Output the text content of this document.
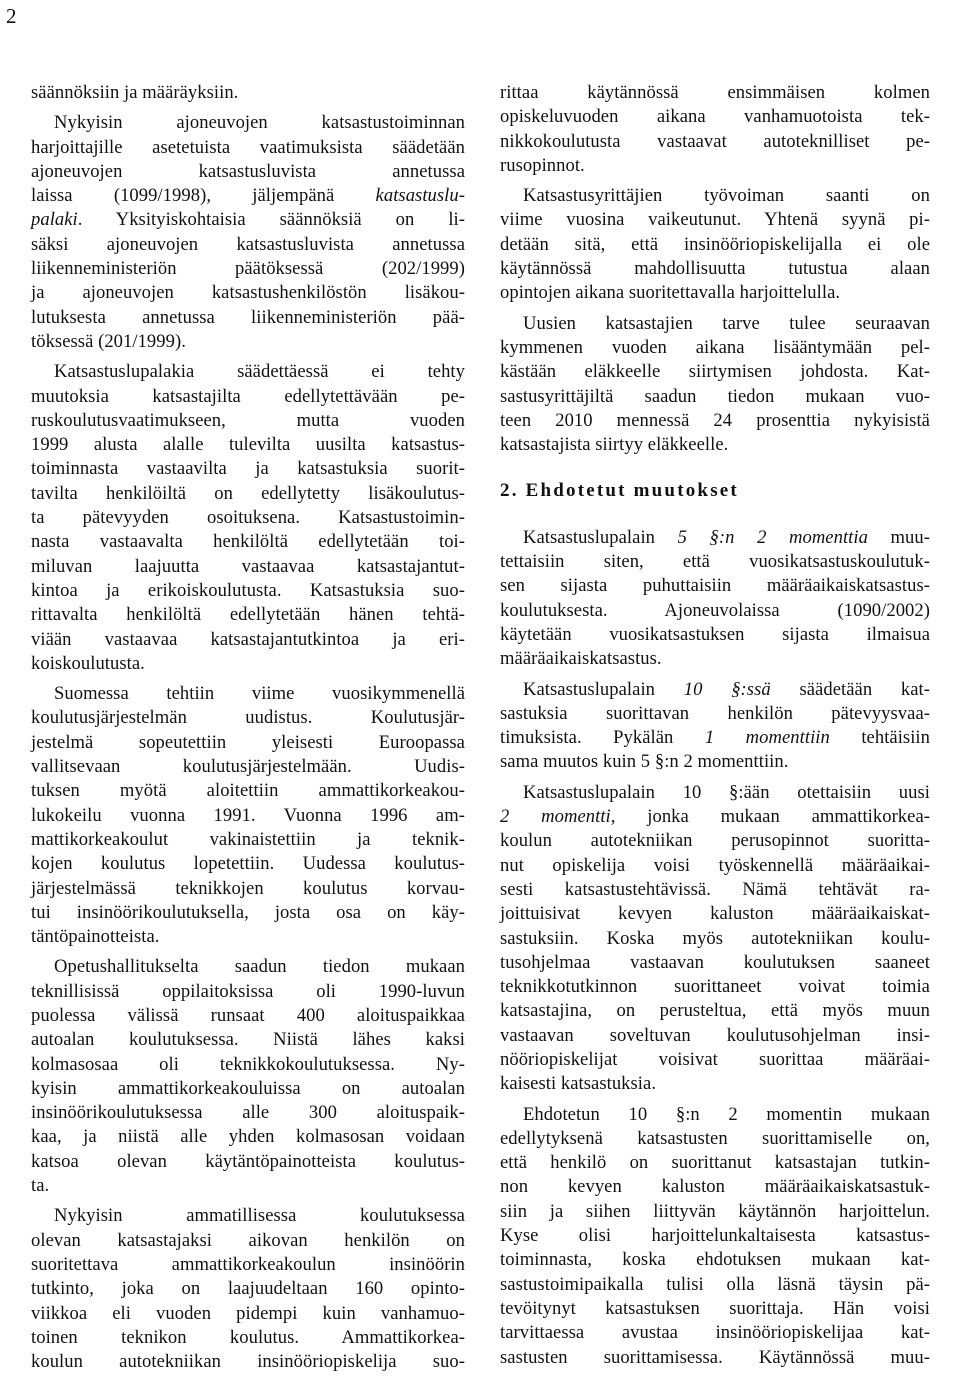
2
säännöksiin ja määräyksiin.
Nykyisin ajoneuvojen katsastustoiminnan
harjoittajille asetetuista vaatimuksista säädetään
ajoneuvojen katsastusluvista annetussa
laissa (1099/1998), jäljempänä katsastuslu-
palaki. Yksityiskohtaisia säännöksiä on li-
säksi ajoneuvojen katsastusluvista annetussa
liikenneministeriön päätöksessä (202/1999)
ja ajoneuvojen katsastushenkilöstön lisäkou-
lutuksesta annetussa liikenneministeriön pää-
töksessä (201/1999).
Katsastuslupalakia säädettäessä ei tehty
muutoksia katsastajilta edellytettävään pe-
ruskoulutusvaatimukseen, mutta vuoden
1999 alusta alalle tulevilta uusilta katsastus-
toiminnasta vastaavilta ja katsastuksia suorit-
tavilta henkilöiltä on edellytetty lisäkoulutus-
ta pätevyyden osoituksena. Katsastustoimin-
nasta vastaavalta henkilöltä edellytetään toi-
miluvan laajuutta vastaavaa katsastajantut-
kintoa ja erikoiskoulutusta. Katsastuksia suo-
rittavalta henkilöltä edellytetään hänen tehtä-
viään vastaavaa katsastajantutkintoa ja eri-
koiskoulutusta.
Suomessa tehtiin viime vuosikymmenellä
koulutusjärjestelmän uudistus. Koulutusjär-
jestelmä sopeutettiin yleisesti Euroopassa
vallitsevaan koulutusjärjestelmään. Uudis-
tuksen myötä aloitettiin ammattikorkeakou-
lukokeilu vuonna 1991. Vuonna 1996 am-
mattikorkeakoulut vakinaistettiin ja teknik-
kojen koulutus lopetettiin. Uudessa koulutus-
järjestelmässä teknikkojen koulutus korvau-
tui insinöörikoulutuksella, josta osa on käy-
täntöpainotteista.
Opetushallitukselta saadun tiedon mukaan
teknillisissä oppilaitoksissa oli 1990-luvun
puolessa välissä runsaat 400 aloituspaikkaa
autoalan koulutuksessa. Niistä lähes kaksi
kolmasosaa oli teknikkokoulutuksessa. Ny-
kyisin ammattikorkeakouluissa on autoalan
insinöörikoulutuksessa alle 300 aloituspaik-
kaa, ja niistä alle yhden kolmasosan voidaan
katsoa olevan käytäntöpainotteista koulutus-
ta.
Nykyisin ammatillisessa koulutuksessa
olevan katsastajaksi aikovan henkilön on
suoritettava ammattikorkeakoulun insinöörin
tutkinto, joka on laajuudeltaan 160 opinto-
viikkoa eli vuoden pidempi kuin vanhamuo-
toinen teknikon koulutus. Ammattikorkea-
koulun autotekniikan insinööriopiskelija suo-
rittaa käytännössä ensimmäisen kolmen
opiskeluvuoden aikana vanhamuotoista tek-
nikkokoulutusta vastaavat autoteknilliset pe-
rusopinnot.
Katsastusyrittäjien työvoiman saanti on
viime vuosina vaikeutunut. Yhtenä syynä pi-
detään sitä, että insinööriopiskelijalla ei ole
käytännössä mahdollisuutta tutustua alaan
opintojen aikana suoritettavalla harjoittelulla.
Uusien katsastajien tarve tulee seuraavan
kymmenen vuoden aikana lisääntymään pel-
kästään eläkkeelle siirtymisen johdosta. Kat-
sastusyrittäjiltä saadun tiedon mukaan vuo-
teen 2010 mennessä 24 prosenttia nykyisistä
katsastajista siirtyy eläkkeelle.
2. Ehdotetut muutokset
Katsastuslupalain 5 §:n 2 momenttia muu-
tettaisiin siten, että vuosikatsastuskoulutuk-
sen sijasta puhuttaisiin määräaikaiskatsastus-
koulutuksesta. Ajoneuvolaissa (1090/2002)
käytetään vuosikatsastuksen sijasta ilmaisua
määräaikaiskatsastus.
Katsastuslupalain 10 §:ssä säädetään kat-
sastuksia suorittavan henkilön pätevyysvaa-
timuksista. Pykälän 1 momenttiin tehtäisiin
sama muutos kuin 5 §:n 2 momenttiin.
Katsastuslupalain 10 §:ään otettaisiin uusi
2 momentti, jonka mukaan ammattikorkea-
koulun autotekniikan perusopinnot suoritta-
nut opiskelija voisi työskennellä määräaikai-
sesti katsastustehtävissä. Nämä tehtävät ra-
joittuisivat kevyen kaluston määräaikaiskat-
sastuksiin. Koska myös autotekniikan koulu-
tusohjelmaa vastaavan koulutuksen saaneet
teknikkotutkinnon suorittaneet voivat toimia
katsastajina, on perusteltua, että myös muun
vastaavan soveltuvan koulutusohjelman insi-
nööriopiskelijat voisivat suorittaa määräai-
kaisesti katsastuksia.
Ehdotetun 10 §:n 2 momentin mukaan
edellytyksenä katsastusten suorittamiselle on,
että henkilö on suorittanut katsastajan tutkin-
non kevyen kaluston määräaikaiskatsastuk-
siin ja siihen liittyvän käytännön harjoittelun.
Kyse olisi harjoittelunkaltaisesta katsastus-
toiminnasta, koska ehdotuksen mukaan kat-
sastustoimipaikalla tulisi olla läsnä täysin pä-
tevöitynyt katsastuksen suorittaja. Hän voisi
tarvittaessa avustaa insinööriopiskelijaa kat-
sastusten suorittamisessa. Käytännössä muu-
